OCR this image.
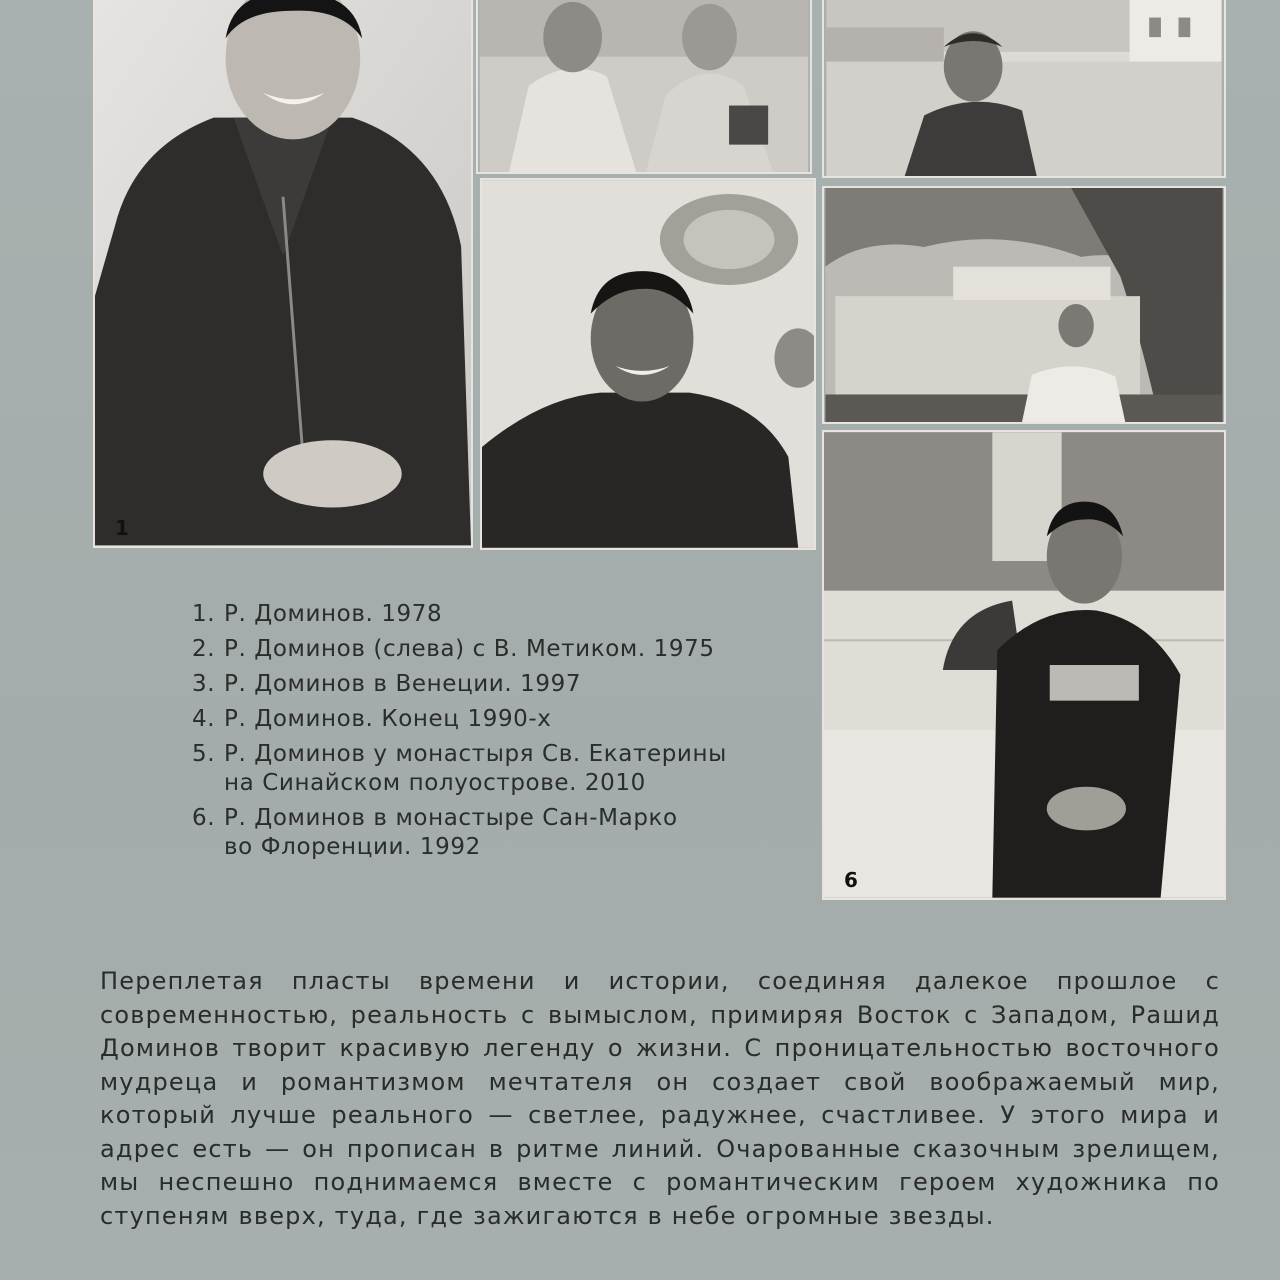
1
6
1. Р. Доминов. 1978
2. Р. Доминов (слева) с В. Метиком. 1975
3. Р. Доминов в Венеции. 1997
4. Р. Доминов. Конец 1990-х
5. Р. Доминов у монастыря Св. Екатерины на Синайском полуострове. 2010
6. Р. Доминов в монастыре Сан-Марко во Флоренции. 1992

Переплетая пласты времени и истории, соединяя далекое прошлое с современностью, реальность с вымыслом, примиряя Восток с Западом, Рашид Доминов творит красивую легенду о жизни. С проницательностью восточного мудреца и романтизмом мечтателя он создает свой воображаемый мир, который лучше реального — светлее, радужнее, счастливее. У этого мира и адрес есть — он прописан в ритме линий. Очарованные сказочным зрелищем, мы неспешно поднимаемся вместе с романтическим героем художника по ступеням вверх, туда, где зажигаются в небе огромные звезды.
